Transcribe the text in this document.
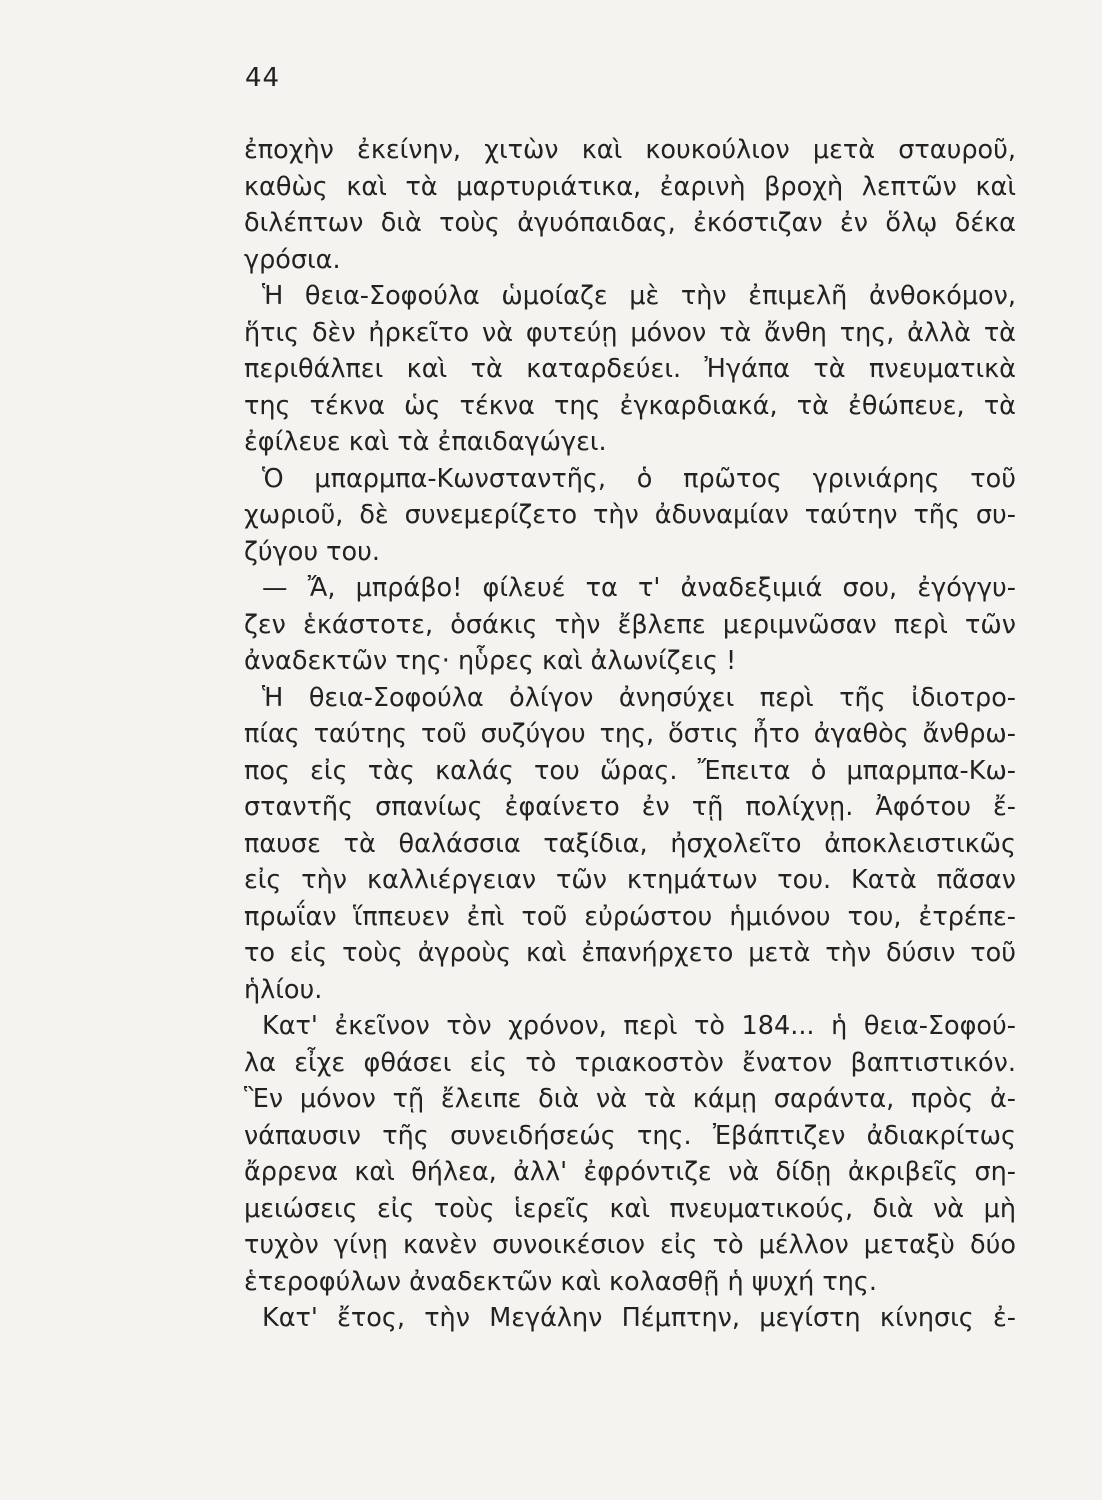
44
ἐποχὴν ἐκείνην, χιτὼν καὶ κουκούλιον μετὰ σταυροῦ,
καθὼς καὶ τὰ μαρτυριάτικα, ἐαρινὴ βροχὴ λεπτῶν καὶ
διλέπτων διὰ τοὺς ἀγυόπαιδας, ἐκόστιζαν ἐν ὅλῳ δέκα
γρόσια.
Ἡ θεια-Σοφούλα ὡμοίαζε μὲ τὴν ἐπιμελῆ ἀνθοκόμον,
ἥτις δὲν ἠρκεῖτο νὰ φυτεύῃ μόνον τὰ ἄνθη της, ἀλλὰ τὰ
περιθάλπει καὶ τὰ καταρδεύει. Ἠγάπα τὰ πνευματικὰ
της τέκνα ὡς τέκνα της ἐγκαρδιακά, τὰ ἐθώπευε, τὰ
ἐφίλευε καὶ τὰ ἐπαιδαγώγει.
Ὁ μπαρμπα-Κωνσταντῆς, ὁ πρῶτος γρινιάρης τοῦ
χωριοῦ, δὲ συνεμερίζετο τὴν ἀδυναμίαν ταύτην τῆς συ-
ζύγου του.
— Ἄ, μπράβο! φίλευέ τα τ' ἀναδεξιμιά σου, ἐγόγγυ-
ζεν ἑκάστοτε, ὁσάκις τὴν ἔβλεπε μεριμνῶσαν περὶ τῶν
ἀναδεκτῶν της· ηὗρες καὶ ἀλωνίζεις !
Ἡ θεια-Σοφούλα ὀλίγον ἀνησύχει περὶ τῆς ἰδιοτρο-
πίας ταύτης τοῦ συζύγου της, ὅστις ἦτο ἀγαθὸς ἄνθρω-
πος εἰς τὰς καλάς του ὥρας. Ἔπειτα ὁ μπαρμπα-Κω-
σταντῆς σπανίως ἐφαίνετο ἐν τῇ πολίχνῃ. Ἀφότου ἔ-
παυσε τὰ θαλάσσια ταξίδια, ἠσχολεῖτο ἀποκλειστικῶς
εἰς τὴν καλλιέργειαν τῶν κτημάτων του. Κατὰ πᾶσαν
πρωΐαν ἵππευεν ἐπὶ τοῦ εὐρώστου ἡμιόνου του, ἐτρέπε-
το εἰς τοὺς ἀγροὺς καὶ ἐπανήρχετο μετὰ τὴν δύσιν τοῦ
ἡλίου.
Κατ' ἐκεῖνον τὸν χρόνον, περὶ τὸ 184... ἡ θεια-Σοφού-
λα εἶχε φθάσει εἰς τὸ τριακοστὸν ἔνατον βαπτιστικόν.
Ἓν μόνον τῇ ἔλειπε διὰ νὰ τὰ κάμῃ σαράντα, πρὸς ἀ-
νάπαυσιν τῆς συνειδήσεώς της. Ἐβάπτιζεν ἀδιακρίτως
ἄρρενα καὶ θήλεα, ἀλλ' ἐφρόντιζε νὰ δίδῃ ἀκριβεῖς ση-
μειώσεις εἰς τοὺς ἱερεῖς καὶ πνευματικούς, διὰ νὰ μὴ
τυχὸν γίνῃ κανὲν συνοικέσιον εἰς τὸ μέλλον μεταξὺ δύο
ἑτεροφύλων ἀναδεκτῶν καὶ κολασθῇ ἡ ψυχή της.
Κατ' ἔτος, τὴν Μεγάλην Πέμπτην, μεγίστη κίνησις ἐ-
